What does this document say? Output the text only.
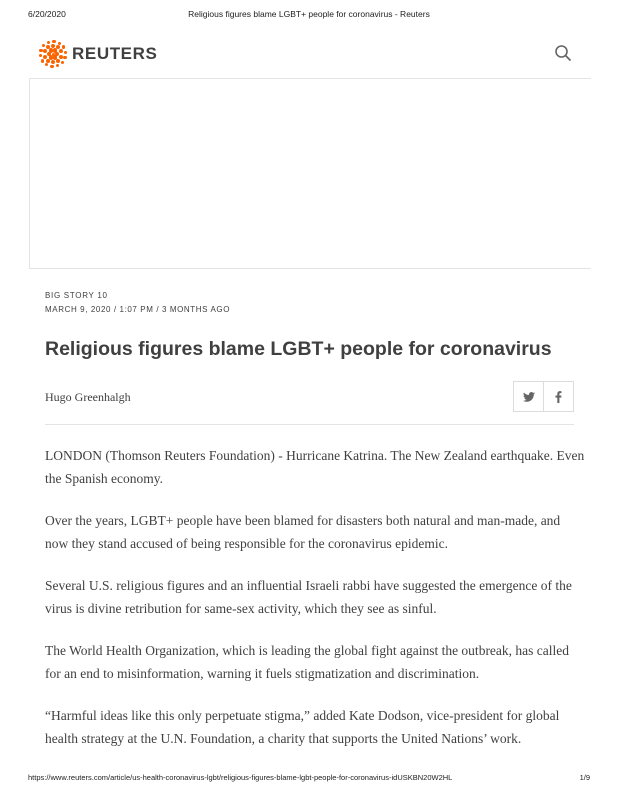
6/20/2020	Religious figures blame LGBT+ people for coronavirus - Reuters
REUTERS
BIG STORY 10
MARCH 9, 2020 / 1:07 PM / 3 MONTHS AGO
Religious figures blame LGBT+ people for coronavirus
Hugo Greenhalgh

LONDON (Thomson Reuters Foundation) - Hurricane Katrina. The New Zealand earthquake. Even the Spanish economy.

Over the years, LGBT+ people have been blamed for disasters both natural and man-made, and now they stand accused of being responsible for the coronavirus epidemic.

Several U.S. religious figures and an influential Israeli rabbi have suggested the emergence of the virus is divine retribution for same-sex activity, which they see as sinful.

The World Health Organization, which is leading the global fight against the outbreak, has called for an end to misinformation, warning it fuels stigmatization and discrimination.

“Harmful ideas like this only perpetuate stigma,” added Kate Dodson, vice-president for global health strategy at the U.N. Foundation, a charity that supports the United Nations’ work.

https://www.reuters.com/article/us-health-coronavirus-lgbt/religious-figures-blame-lgbt-people-for-coronavirus-idUSKBN20W2HL	1/9
